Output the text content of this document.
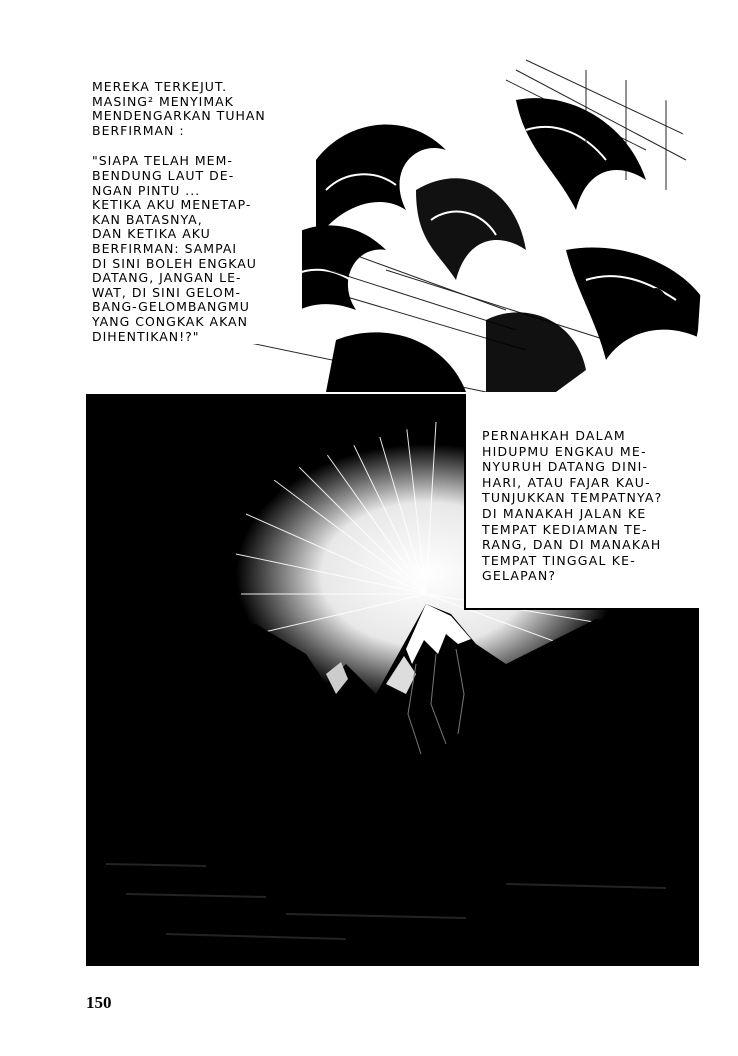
MEREKA TERKEJUT.
MASING² MENYIMAK
MENDENGARKAN TUHAN
BERFIRMAN :

"SIAPA TELAH MEM-
BENDUNG LAUT DE-
NGAN PINTU ...
KETIKA AKU MENETAP-
KAN BATASNYA,
DAN KETIKA AKU
BERFIRMAN: SAMPAI
DI SINI BOLEH ENGKAU
DATANG, JANGAN LE-
WAT, DI SINI GELOM-
BANG-GELOMBANGMU
YANG CONGKAK AKAN
DIHENTIKAN!?"

PERNAHKAH DALAM
HIDUPMU ENGKAU ME-
NYURUH DATANG DINI-
HARI, ATAU FAJAR KAU-
TUNJUKKAN TEMPATNYA?
DI MANAKAH JALAN KE
TEMPAT KEDIAMAN TE-
RANG, DAN DI MANAKAH
TEMPAT TINGGAL KE-
GELAPAN?

150
